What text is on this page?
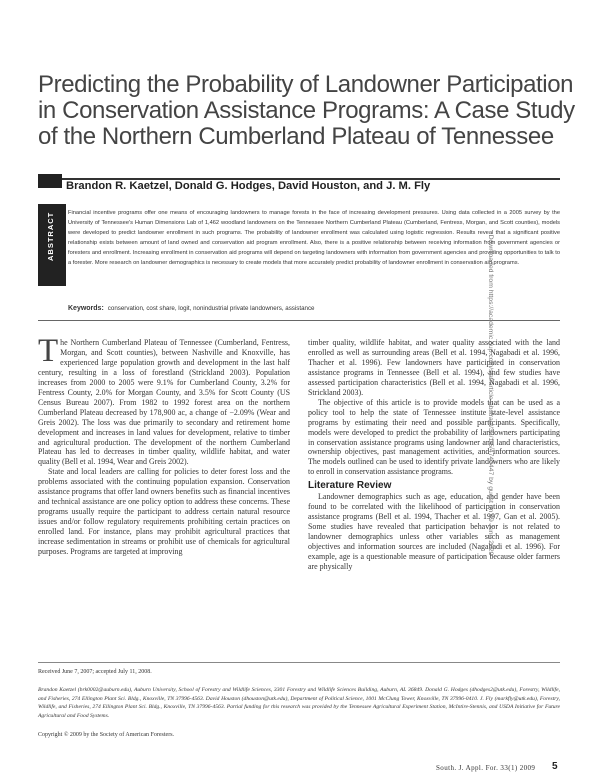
Predicting the Probability of Landowner Participation in Conservation Assistance Programs: A Case Study of the Northern Cumberland Plateau of Tennessee
Brandon R. Kaetzel, Donald G. Hodges, David Houston, and J. M. Fly
ABSTRACT	Financial incentive programs offer one means of encouraging landowners to manage forests in the face of increasing development pressures. Using data collected in a 2005 survey by the University of Tennessee's Human Dimensions Lab of 1,462 woodland landowners on the Tennessee Northern Cumberland Plateau (Cumberland, Fentress, Morgan, and Scott counties), models were developed to predict landowner enrollment in such programs. The probability of landowner enrollment was calculated using logistic regression. Results reveal that a significant positive relationship exists between amount of land owned and conservation aid program enrollment. Also, there is a positive relationship between receiving information from government agencies or foresters and enrollment. Increasing enrollment in conservation aid programs will depend on targeting landowners with information from government agencies and providing opportunities to talk to a forester. More research on landowner demographics is necessary to create models that more accurately predict probability of landowner enrollment in conservation aid programs.
Keywords: conservation, cost share, logit, nonindustrial private landowners, assistance

The Northern Cumberland Plateau of Tennessee (Cumberland, Fentress, Morgan, and Scott counties), between Nashville and Knoxville, has experienced large population growth and development in the last half century, resulting in a loss of forestland (Strickland 2003). Population increases from 2000 to 2005 were 9.1% for Cumberland County, 3.2% for Fentress County, 2.0% for Morgan County, and 3.5% for Scott County (US Census Bureau 2007). From 1982 to 1992 forest area on the northern Cumberland Plateau decreased by 178,900 ac, a change of −2.09% (Wear and Greis 2002). The loss was due primarily to secondary and retirement home development and increases in land values for development, relative to timber and agricultural production. The development of the northern Cumberland Plateau has led to decreases in timber quality, wildlife habitat, and water quality (Bell et al. 1994, Wear and Greis 2002).

State and local leaders are calling for policies to deter forest loss and the problems associated with the continuing population expansion. Conservation assistance programs that offer land owners benefits such as financial incentives and technical assistance are one policy option to address these concerns. These programs usually require the participant to address certain natural resource issues and/or follow regulatory requirements prohibiting certain practices on enrolled land. For instance, plans may prohibit agricultural practices that increase sedimentation in streams or prohibit use of chemicals for agricultural purposes. Programs are targeted at improving

timber quality, wildlife habitat, and water quality associated with the land enrolled as well as surrounding areas (Bell et al. 1994, Nagabadi et al. 1996, Thacher et al. 1996). Few landowners have participated in conservation assistance programs in Tennessee (Bell et al. 1994), and few studies have assessed participation characteristics (Bell et al. 1994, Nagabadi et al. 1996, Strickland 2003).

The objective of this article is to provide models that can be used as a policy tool to help the state of Tennessee institute state-level assistance programs by estimating their need and possible participants. Specifically, models were developed to predict the probability of landowners participating in conservation assistance programs using landowner and land characteristics, ownership objectives, past management activities, and information sources. The models outlined can be used to identify private landowners who are likely to enroll in conservation assistance programs.

Literature Review

Landowner demographics such as age, education, and gender have been found to be correlated with the likelihood of participation in conservation assistance programs (Bell et al. 1994, Thacher et al. 1997, Gan et al. 2005). Some studies have revealed that participation behavior is not related to landowner demographics unless other variables such as management objectives and information sources are included (Nagabadi et al. 1996). For example, age is a questionable measure of participation because older farmers are physically

Received June 7, 2007; accepted July 11, 2008.
Brandon Kaetzel (brk0002@auburn.edu), Auburn University, School of Forestry and Wildlife Sciences, 3301 Forestry and Wildlife Sciences Building, Auburn, AL 36849. Donald G. Hodges (dhodges2@utk.edu), Forestry, Wildlife, and Fisheries, 274 Ellington Plant Sci. Bldg., Knoxville, TN 37996-4563. David Houston (dhouston@utk.edu), Department of Political Science, 1001 McClung Tower, Knoxville, TN 37996-0410. J. Fly (markfly@utk.edu), Forestry, Wildlife, and Fisheries, 274 Ellington Plant Sci. Bldg., Knoxville, TN 37996-4563. Partial funding for this research was provided by the Tennessee Agricultural Experiment Station, McIntire-Stennis, and USDA Initiative for Future Agricultural and Food Systems.
Copyright © 2009 by the Society of American Foresters.
South. J. Appl. For. 33(1) 2009 5
Downloaded from https://academic.oup.com/sjaf/article-abstract/33/1/5/4747447 by guest on 09 June 2020
